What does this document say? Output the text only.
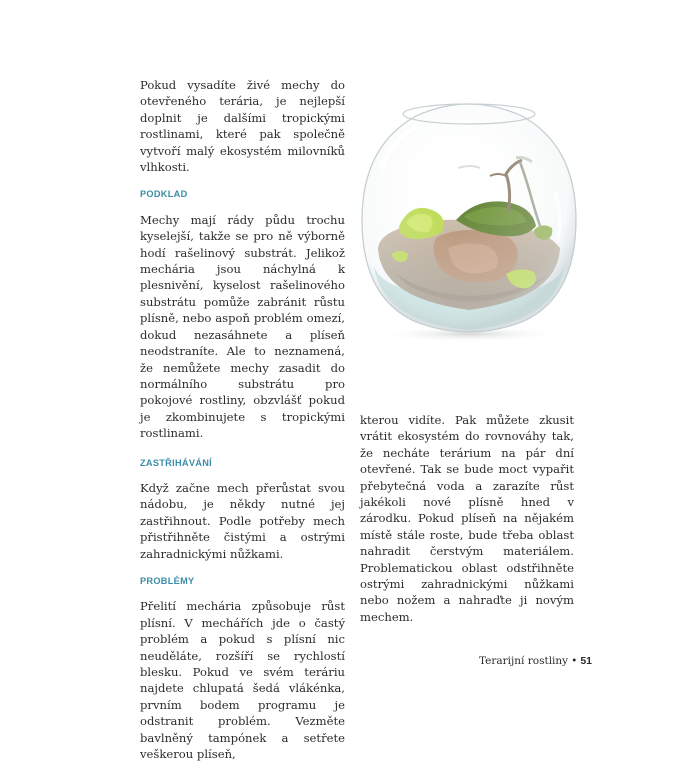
Pokud vysadíte živé mechy do otevřeného terária, je nejlepší doplnit je dalšími tropickými rostlinami, které pak společně vytvoří malý ekosystém milovníků vlhkosti.

PODKLAD

Mechy mají rády půdu trochu kyselejší, takže se pro ně výborně hodí rašelinový substrát. Jelikož mechária jsou náchylná k plesnivění, kyselost rašelinového substrátu pomůže zabránit růstu plísně, nebo aspoň problém omezí, dokud nezasáhnete a plíseň neodstraníte. Ale to neznamená, že nemůžete mechy zasadit do normálního substrátu pro pokojové rostliny, obzvlášť pokud je zkombinujete s tropickými rostlinami.

ZASTŘIHÁVÁNÍ

Když začne mech přerůstat svou nádobu, je někdy nutné jej zastřihnout. Podle potřeby mech přistřihněte čistými a ostrými zahradnickými nůžkami.

PROBLÉMY

Přelití mechária způsobuje růst plísní. V mechářích jde o častý problém a pokud s plísní nic neuděláte, rozšíří se rychlostí blesku. Pokud ve svém teráriu najdete chlupatá šedá vlákénka, prvním bodem programu je odstranit problém. Vezměte bavlněný tampónek a setřete veškerou plíseň,

kterou vidíte. Pak můžete zkusit vrátit ekosystém do rovnováhy tak, že necháte terárium na pár dní otevřené. Tak se bude moct vypařit přebytečná voda a zarazíte růst jakékoli nové plísně hned v zárodku. Pokud plíseň na nějakém místě stále roste, bude třeba oblast nahradit čerstvým materiálem. Problematickou oblast odstřihněte ostrými zahradnickými nůžkami nebo nožem a nahraďte ji novým mechem.

Terarijní rostliny • 51
